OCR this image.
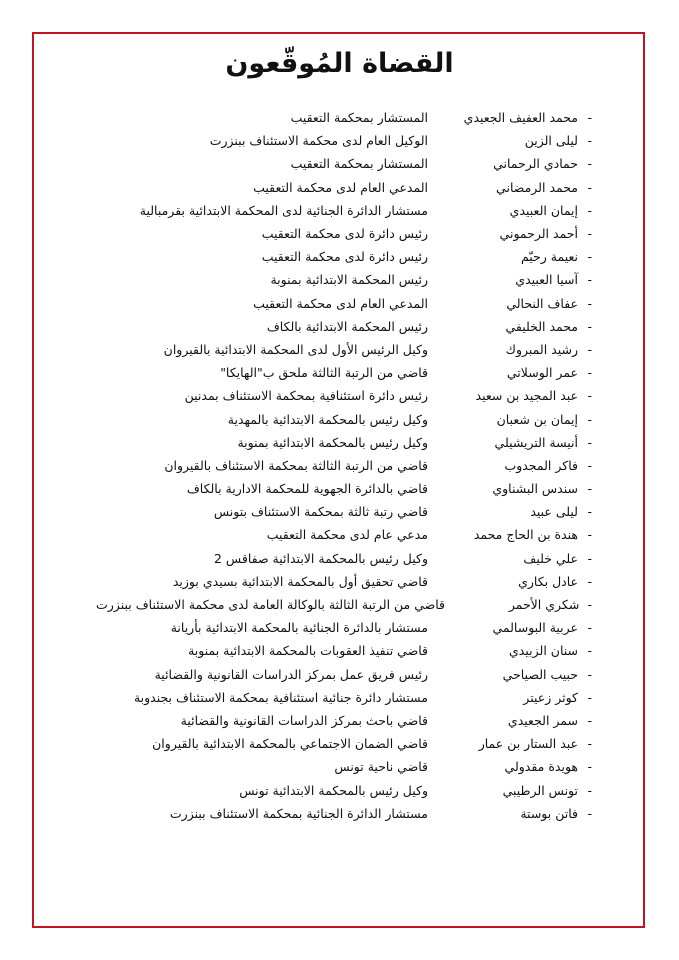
القضاة المُوقّعون
-
محمد العفيف الجعيدي
المستشار بمحكمة التعقيب
-
ليلى الزين
الوكيل العام لدى محكمة الاستئناف ببنزرت
-
حمادي الرحماني
المستشار بمحكمة التعقيب
-
محمد الرمضاني
المدعي العام لدى محكمة التعقيب
-
إيمان العبيدي
مستشار الدائرة الجنائية لدى المحكمة الابتدائية بقرمبالية
-
أحمد الرحموني
رئيس دائرة لدى محكمة التعقيب
-
نعيمة رحيّم
رئيس دائرة لدى محكمة التعقيب
-
آسيا العبيدي
رئيس المحكمة الابتدائية بمنوبة
-
عفاف النحالي
المدعي العام لدى محكمة التعقيب
-
محمد الخليفي
رئيس المحكمة الابتدائية بالكاف
-
رشيد المبروك
وكيل الرئيس الأول لدى المحكمة الابتدائية بالقيروان
-
عمر الوسلاتي
قاضي من الرتبة الثالثة ملحق ب"الهايكا"
-
عبد المجيد بن سعيد
رئيس دائرة استئنافية بمحكمة الاستئناف بمدنين
-
إيمان بن شعبان
وكيل رئيس بالمحكمة الابتدائية بالمهدية
-
أنيسة التريشيلي
وكيل رئيس بالمحكمة الابتدائية بمنوبة
-
فاكر المجدوب
قاضي من الرتبة الثالثة بمحكمة الاستئناف بالقيروان
-
سندس البشناوي
قاضي بالدائرة الجهوية للمحكمة الادارية بالكاف
-
ليلى عبيد
قاضي رتبة ثالثة بمحكمة الاستئناف بتونس
-
هندة بن الحاج محمد
مدعي عام لدى محكمة التعقيب
-
علي خليف
وكيل رئيس بالمحكمة الابتدائية صفاقس 2
-
عادل بكاري
قاضي تحقيق أول بالمحكمة الابتدائية بسيدي بوزيد
-
شكري الأحمر
قاضي من الرتبة الثالثة بالوكالة العامة لدى محكمة الاستئناف ببنزرت
-
عربية البوسالمي
مستشار بالدائرة الجنائية بالمحكمة الابتدائية بأريانة
-
سنان الزبيدي
قاضي تنفيذ العقوبات بالمحكمة الابتدائية بمنوبة
-
حبيب الصياحي
رئيس فريق عمل بمركز الدراسات القانونية والقضائية
-
كوثر زعيتر
مستشار دائرة جنائية استئنافية بمحكمة الاستئناف بجندوبة
-
سمر الجعيدي
قاضي باحث بمركز الدراسات القانونية والقضائية
-
عبد الستار بن عمار
قاضي الضمان الاجتماعي بالمحكمة الابتدائية بالقيروان
-
هويدة مقدولي
قاضي ناحية تونس
-
تونس الرطيبي
وكيل رئيس بالمحكمة الابتدائية تونس
-
فاتن بوستة
مستشار الدائرة الجنائية بمحكمة الاستئناف ببنزرت
